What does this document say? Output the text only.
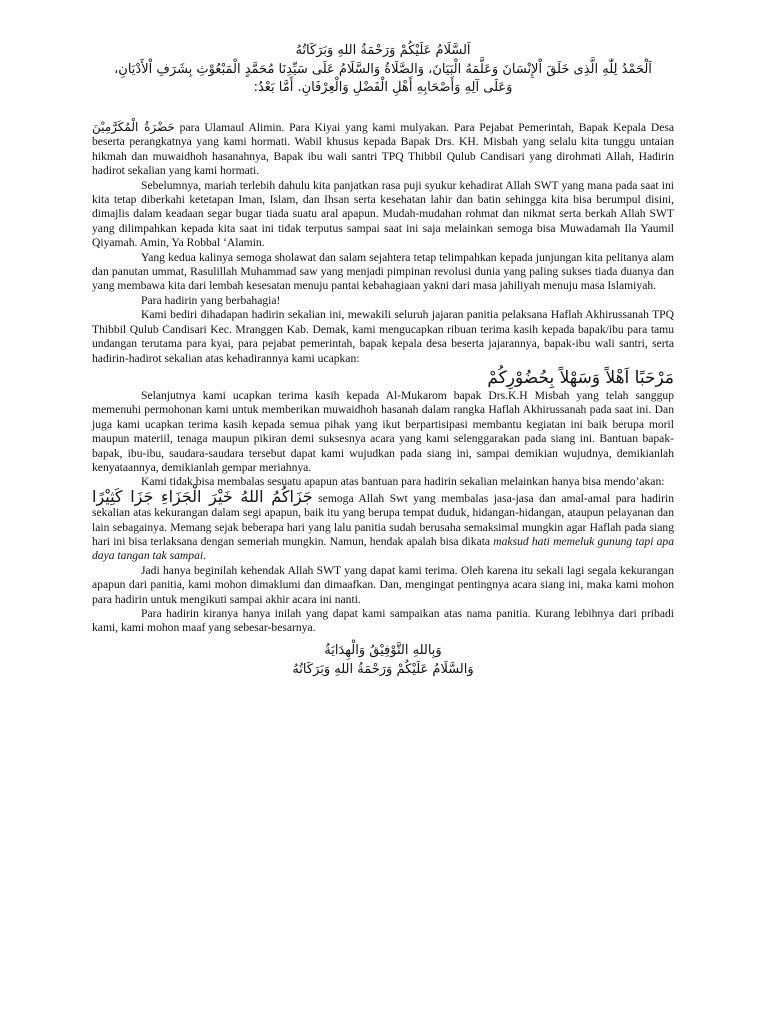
اَلسَّلَامُ عَلَيْكُمْ وَرَحْمَةُ اللهِ وَبَرَكَاتُهُ
اَلْحَمْدُ لِلّٰهِ الَّذِى خَلَقَ اْلإِنْسَانَ وَعَلَّمَهُ الْبَيَانَ، وَالصَّلَاةُ وَالسَّلَامُ عَلَى سَيِّدِنَا مُحَمَّدٍ الْمَبْعُوْثِ بِشَرَفِ اْلأَدْيَانِ،
وَعَلَى آلِهِ وَأَصْحَابِهِ أَهْلِ الْفَضْلِ وَالْعِرْفَانِ. أَمَّا بَعْدُ:

حَضْرَةُ الْمُكَرَّمِيْنَ para Ulamaul Alimin. Para Kiyai yang kami mulyakan. Para Pejabat Pemerintah, Bapak Kepala Desa beserta perangkatnya yang kami hormati. Wabil khusus kepada Bapak Drs. KH. Misbah yang selalu kita tunggu untaian hikmah dan muwaidhoh hasanahnya, Bapak ibu wali santri TPQ Thibbil Qulub Candisari yang dirohmati Allah, Hadirin hadirot sekalian yang kami hormati.

Sebelumnya, mariah terlebih dahulu kita panjatkan rasa puji syukur kehadirat Allah SWT yang mana pada saat ini kita tetap diberkahi ketetapan Iman, Islam, dan Ihsan serta kesehatan lahir dan batin sehingga kita bisa berumpul disini, dimajlis dalam keadaan segar bugar tiada suatu aral apapun. Mudah-mudahan rohmat dan nikmat serta berkah Allah SWT yang dilimpahkan kepada kita saat ini tidak terputus sampai saat ini saja melainkan semoga bisa Muwadamah Ila Yaumil Qiyamah. Amin, Ya Robbal ‘Alamin.

Yang kedua kalinya semoga sholawat dan salam sejahtera tetap telimpahkan kepada junjungan kita pelitanya alam dan panutan ummat, Rasulillah Muhammad saw yang menjadi pimpinan revolusi dunia yang paling sukses tiada duanya dan yang membawa kita dari lembah kesesatan menuju pantai kebahagiaan yakni dari masa jahiliyah menuju masa Islamiyah.

Para hadirin yang berbahagia!

Kami bediri dihadapan hadirin sekalian ini, mewakili seluruh jajaran panitia pelaksana Haflah Akhirussanah TPQ Thibbil Qulub Candisari Kec. Mranggen Kab. Demak, kami mengucapkan ribuan terima kasih kepada bapak/ibu para tamu undangan terutama para kyai, para pejabat pemerintah, bapak kepala desa beserta jajarannya, bapak-ibu wali santri, serta hadirin-hadirot sekalian atas kehadirannya kami ucapkan:

مَرْحَبًا اَهْلاً وَسَهْلاً بِحُضُوْرِكُمْ

Selanjutnya kami ucapkan terima kasih kepada Al-Mukarom bapak Drs.K.H Misbah yang telah sanggup memenuhi permohonan kami untuk memberikan muwaidhoh hasanah dalam rangka Haflah Akhirussanah pada saat ini. Dan juga kami ucapkan terima kasih kepada semua pihak yang ikut berpartisipasi membantu kegiatan ini baik berupa moril maupun materiil, tenaga maupun pikiran demi suksesnya acara yang kami selenggarakan pada siang ini. Bantuan bapak-bapak, ibu-ibu, saudara-saudara tersebut dapat kami wujudkan pada siang ini, sampai demikian wujudnya, demikianlah kenyataannya, demikianlah gempar meriahnya.

Kami tidak bisa membalas sesuatu apapun atas bantuan para hadirin sekalian melainkan hanya bisa mendo’akan:

جَزَاكُمُ اللهُ خَيْرَ الْجَزَاءِ جَزَا كَثِيْرًا semoga Allah Swt yang membalas jasa-jasa dan amal-amal para hadirin sekalian atas kekurangan dalam segi apapun, baik itu yang berupa tempat duduk, hidangan-hidangan, ataupun pelayanan dan lain sebagainya. Memang sejak beberapa hari yang lalu panitia sudah berusaha semaksimal mungkin agar Haflah pada siang hari ini bisa terlaksana dengan semeriah mungkin. Namun, hendak apalah bisa dikata maksud hati memeluk gunung tapi apa daya tangan tak sampai.

Jadi hanya beginilah kehendak Allah SWT yang dapat kami terima. Oleh karena itu sekali lagi segala kekurangan apapun dari panitia, kami mohon dimaklumi dan dimaafkan. Dan, mengingat pentingnya acara siang ini, maka kami mohon para hadirin untuk mengikuti sampai akhir acara ini nanti.

Para hadirin kiranya hanya inilah yang dapat kami sampaikan atas nama panitia. Kurang lebihnya dari pribadi kami, kami mohon maaf yang sebesar-besarnya.

وَبِاللهِ التَّوْفِيْقُ وَالْهِدَايَةُ
وَالسَّلَامُ عَلَيْكُمْ وَرَحْمَةُ اللهِ وَبَرَكَاتُهُ
